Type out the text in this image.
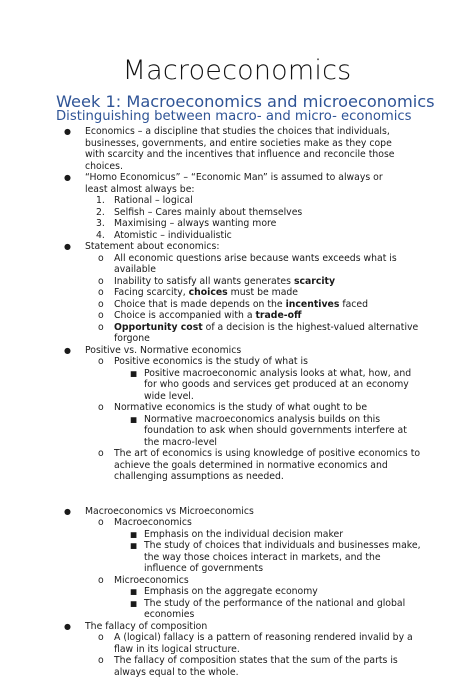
Macroeconomics
Week 1: Macroeconomics and microeconomics
Distinguishing between macro- and micro- economics
● Economics – a discipline that studies the choices that individuals, businesses, governments, and entire societies make as they cope with scarcity and the incentives that influence and reconcile those choices.
● “Homo Economicus” – “Economic Man” is assumed to always or least almost always be:
1. Rational – logical
2. Selfish – Cares mainly about themselves
3. Maximising – always wanting more
4. Atomistic – individualistic
● Statement about economics:
o All economic questions arise because wants exceeds what is available
o Inability to satisfy all wants generates scarcity
o Facing scarcity, choices must be made
o Choice that is made depends on the incentives faced
o Choice is accompanied with a trade-off
o Opportunity cost of a decision is the highest-valued alternative forgone
● Positive vs. Normative economics
o Positive economics is the study of what is
■ Positive macroeconomic analysis looks at what, how, and for who goods and services get produced at an economy wide level.
o Normative economics is the study of what ought to be
■ Normative macroeconomics analysis builds on this foundation to ask when should governments interfere at the macro-level
o The art of economics is using knowledge of positive economics to achieve the goals determined in normative economics and challenging assumptions as needed.
● Macroeconomics vs Microeconomics
o Macroeconomics
■ Emphasis on the individual decision maker
■ The study of choices that individuals and businesses make, the way those choices interact in markets, and the influence of governments
o Microeconomics
■ Emphasis on the aggregate economy
■ The study of the performance of the national and global economies
● The fallacy of composition
o A (logical) fallacy is a pattern of reasoning rendered invalid by a flaw in its logical structure.
o The fallacy of composition states that the sum of the parts is always equal to the whole.
